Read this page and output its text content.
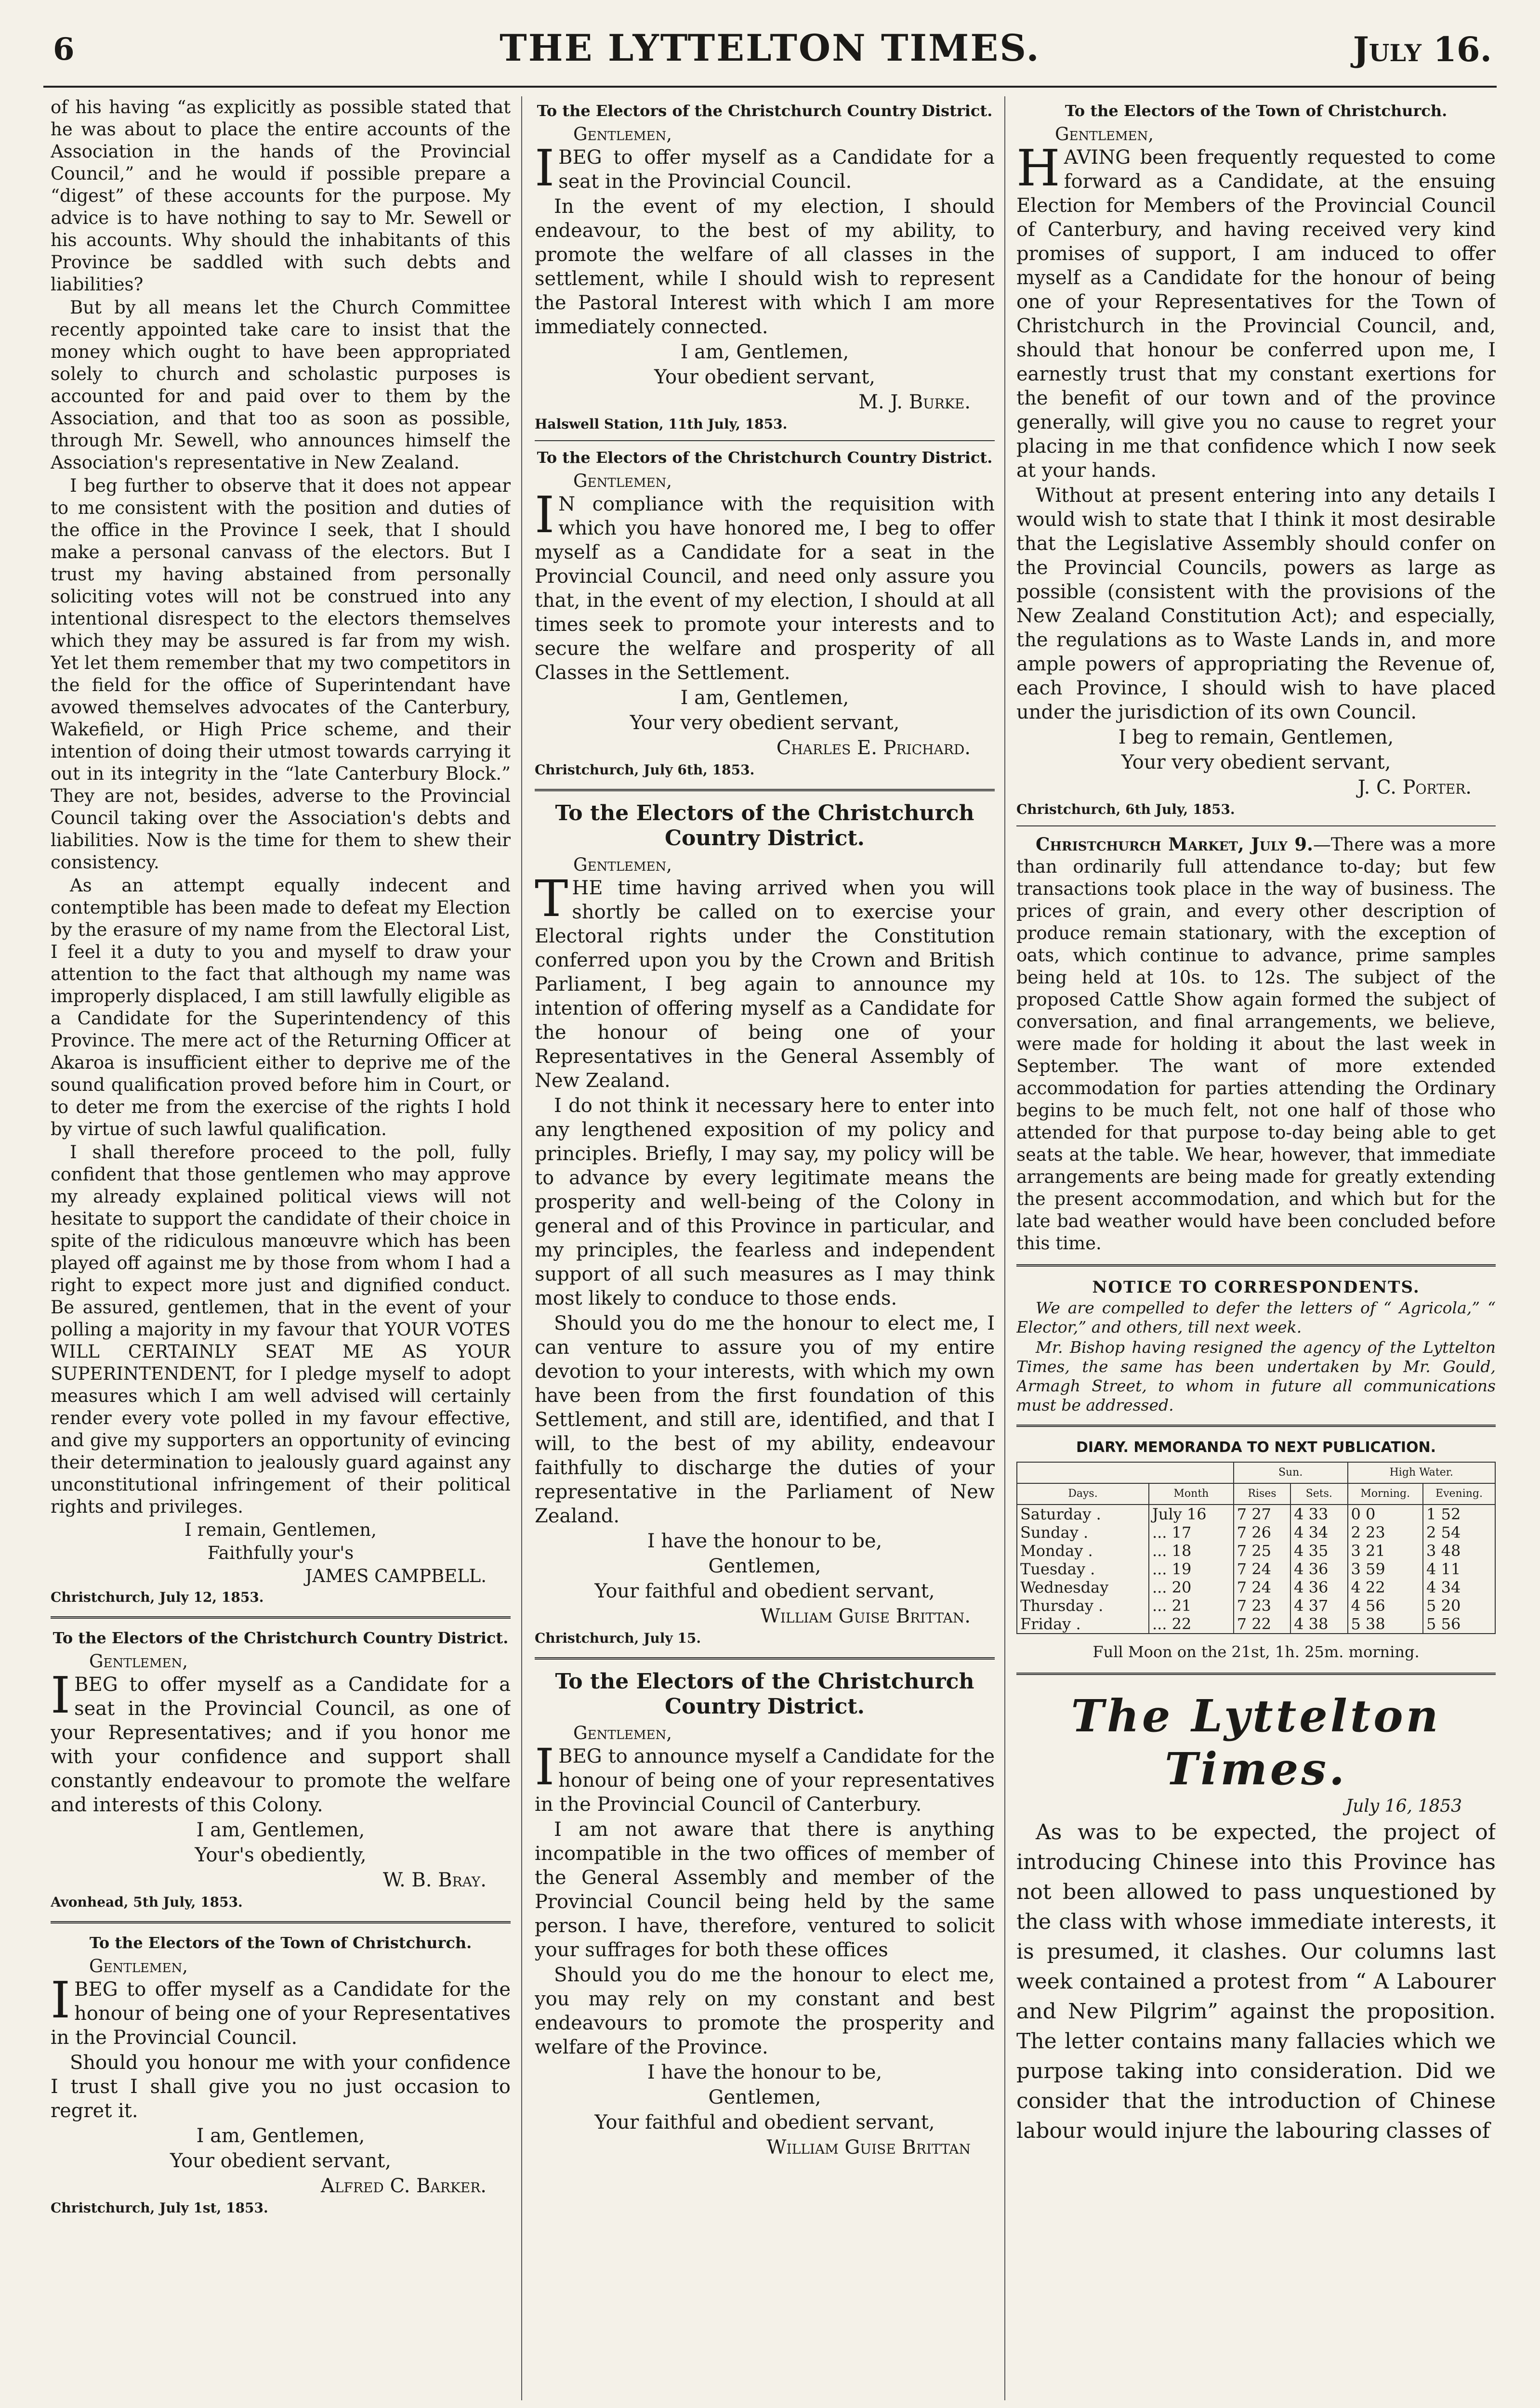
6	THE LYTTELTON TIMES.	July 16.

of his having “as explicitly as possible stated that he was about to place the entire accounts of the Association in the hands of the Provincial Council,” and he would if possible prepare a “digest” of these accounts for the purpose. My advice is to have nothing to say to Mr. Sewell or his accounts. Why should the inhabitants of this Province be saddled with such debts and liabilities?

But by all means let the Church Committee recently appointed take care to insist that the money which ought to have been appropriated solely to church and scholastic purposes is accounted for and paid over to them by the Association, and that too as soon as possible, through Mr. Sewell, who announces himself the Association's representative in New Zealand.

I beg further to observe that it does not appear to me consistent with the position and duties of the office in the Province I seek, that I should make a personal canvass of the electors. But I trust my having abstained from personally soliciting votes will not be construed into any intentional disrespect to the electors themselves which they may be assured is far from my wish. Yet let them remember that my two competitors in the field for the office of Superintendant have avowed themselves advocates of the Canterbury, Wakefield, or High Price scheme, and their intention of doing their utmost towards carrying it out in its integrity in the “late Canterbury Block.” They are not, besides, adverse to the Provincial Council taking over the Association's debts and liabilities. Now is the time for them to shew their consistency.

As an attempt equally indecent and contemptible has been made to defeat my Election by the erasure of my name from the Electoral List, I feel it a duty to you and myself to draw your attention to the fact that although my name was improperly displaced, I am still lawfully eligible as a Candidate for the Superintendency of this Province. The mere act of the Returning Officer at Akaroa is insufficient either to deprive me of the sound qualification proved before him in Court, or to deter me from the exercise of the rights I hold by virtue of such lawful qualification.

I shall therefore proceed to the poll, fully confident that those gentlemen who may approve my already explained political views will not hesitate to support the candidate of their choice in spite of the ridiculous manœuvre which has been played off against me by those from whom I had a right to expect more just and dignified conduct. Be assured, gentlemen, that in the event of your polling a majority in my favour that YOUR VOTES WILL CERTAINLY SEAT ME AS YOUR SUPERINTENDENT, for I pledge myself to adopt measures which I am well advised will certainly render every vote polled in my favour effective, and give my supporters an opportunity of evincing their determination to jealously guard against any unconstitutional infringement of their political rights and privileges.

I remain, Gentlemen,

Faithfully your's

JAMES CAMPBELL.

Christchurch, July 12, 1853.

To the Electors of the Christchurch Country District.
Gentlemen,

IBEG to offer myself as a Candidate for a seat in the Provincial Council, as one of your Representatives; and if you honor me with your confidence and support shall constantly endeavour to promote the welfare and interests of this Colony.

I am, Gentlemen,

Your's obediently,

W. B. Bray.

Avonhead, 5th July, 1853.

To the Electors of the Town of Christchurch.
Gentlemen,

IBEG to offer myself as a Candidate for the honour of being one of your Representatives in the Provincial Council.

Should you honour me with your confidence I trust I shall give you no just occasion to regret it.

I am, Gentlemen,

Your obedient servant,

Alfred C. Barker.

Christchurch, July 1st, 1853.

To the Electors of the Christchurch Country District.
Gentlemen,

IBEG to offer myself as a Candidate for a seat in the Provincial Council.

In the event of my election, I should endeavour, to the best of my ability, to promote the welfare of all classes in the settlement, while I should wish to represent the Pastoral Interest with which I am more immediately connected.

I am, Gentlemen,

Your obedient servant,

M. J. Burke.

Halswell Station, 11th July, 1853.

To the Electors of the Christchurch Country District.
Gentlemen,

I N compliance with the requisition with which you have honored me, I beg to offer myself as a Candidate for a seat in the Provincial Council, and need only assure you that, in the event of my election, I should at all times seek to promote your interests and to secure the welfare and prosperity of all Classes in the Settlement.

I am, Gentlemen,

Your very obedient servant,

Charles E. Prichard.

Christchurch, July 6th, 1853.

To the Electors of the Christchurch Country District.
Gentlemen,

THE time having arrived when you will shortly be called on to exercise your Electoral rights under the Constitution conferred upon you by the Crown and British Parliament, I beg again to announce my intention of offering myself as a Candidate for the honour of being one of your Representatives in the General Assembly of New Zealand.

I do not think it necessary here to enter into any lengthened exposition of my policy and principles. Briefly, I may say, my policy will be to advance by every legitimate means the prosperity and well-being of the Colony in general and of this Province in particular, and my principles, the fearless and independent support of all such measures as I may think most likely to conduce to those ends.

Should you do me the honour to elect me, I can venture to assure you of my entire devotion to your interests, with which my own have been from the first foundation of this Settlement, and still are, identified, and that I will, to the best of my ability, endeavour faithfully to discharge the duties of your representative in the Parliament of New Zealand.

I have the honour to be,

Gentlemen,

Your faithful and obedient servant,

William Guise Brittan.

Christchurch, July 15.

To the Electors of the Christchurch Country District.
Gentlemen,

IBEG to announce myself a Candidate for the honour of being one of your representatives in the Provincial Council of Canterbury.

I am not aware that there is anything incompatible in the two offices of member of the General Assembly and member of the Provincial Council being held by the same person. I have, therefore, ventured to solicit your suffrages for both these offices

Should you do me the honour to elect me, you may rely on my constant and best endeavours to promote the prosperity and welfare of the Province.

I have the honour to be,

Gentlemen,

Your faithful and obedient servant,

William Guise Brittan

To the Electors of the Town of Christchurch.
Gentlemen,

HAVING been frequently requested to come forward as a Candidate, at the ensuing Election for Members of the Provincial Council of Canterbury, and having received very kind promises of support, I am induced to offer myself as a Candidate for the honour of being one of your Representatives for the Town of Christchurch in the Provincial Council, and, should that honour be conferred upon me, I earnestly trust that my constant exertions for the benefit of our town and of the province generally, will give you no cause to regret your placing in me that confidence which I now seek at your hands.

Without at present entering into any details I would wish to state that I think it most desirable that the Legislative Assembly should confer on the Provincial Councils, powers as large as possible (consistent with the provisions of the New Zealand Constitution Act); and especially, the regulations as to Waste Lands in, and more ample powers of appropriating the Revenue of, each Province, I should wish to have placed under the jurisdiction of its own Council.

I beg to remain, Gentlemen,

Your very obedient servant,

J. C. Porter.

Christchurch, 6th July, 1853.

Christchurch Market, July 9.—There was a more than ordinarily full attendance to-day; but few transactions took place in the way of business. The prices of grain, and every other description of produce remain stationary, with the exception of oats, which continue to advance, prime samples being held at 10s. to 12s. The subject of the proposed Cattle Show again formed the subject of conversation, and final arrangements, we believe, were made for holding it about the last week in September. The want of more extended accommodation for parties attending the Ordinary begins to be much felt, not one half of those who attended for that purpose to-day being able to get seats at the table. We hear, however, that immediate arrangements are being made for greatly extending the present accommodation, and which but for the late bad weather would have been concluded before this time.

NOTICE TO CORRESPONDENTS.

We are compelled to defer the letters of “ Agricola,” “ Elector,” and others, till next week.

Mr. Bishop having resigned the agency of the Lyttelton Times, the same has been undertaken by Mr. Gould, Armagh Street, to whom in future all communications must be addressed.

DIARY. MEMORANDA TO NEXT PUBLICATION.
		Sun.		High Water.	
Days.	Month	Rises	Sets.	Morning.	Evening.
Saturday .	July 16	7 27	4 33	0 0	1 52
Sunday .	... 17	7 26	4 34	2 23	2 54
Monday .	... 18	7 25	4 35	3 21	3 48
Tuesday .	... 19	7 24	4 36	3 59	4 11
Wednesday	... 20	7 24	4 36	4 22	4 34
Thursday .	... 21	7 23	4 37	4 56	5 20
Friday .	... 22	7 22	4 38	5 38	5 56
Full Moon on the 21st, 1h. 25m. morning.
The Lyttelton Times.
July 16, 1853

As was to be expected, the project of introducing Chinese into this Province has not been allowed to pass unquestioned by the class with whose immediate interests, it is presumed, it clashes. Our columns last week contained a protest from “ A Labourer and New Pilgrim” against the proposition. The letter contains many fallacies which we purpose taking into consideration. Did we consider that the introduction of Chinese labour would injure the labouring classes of
